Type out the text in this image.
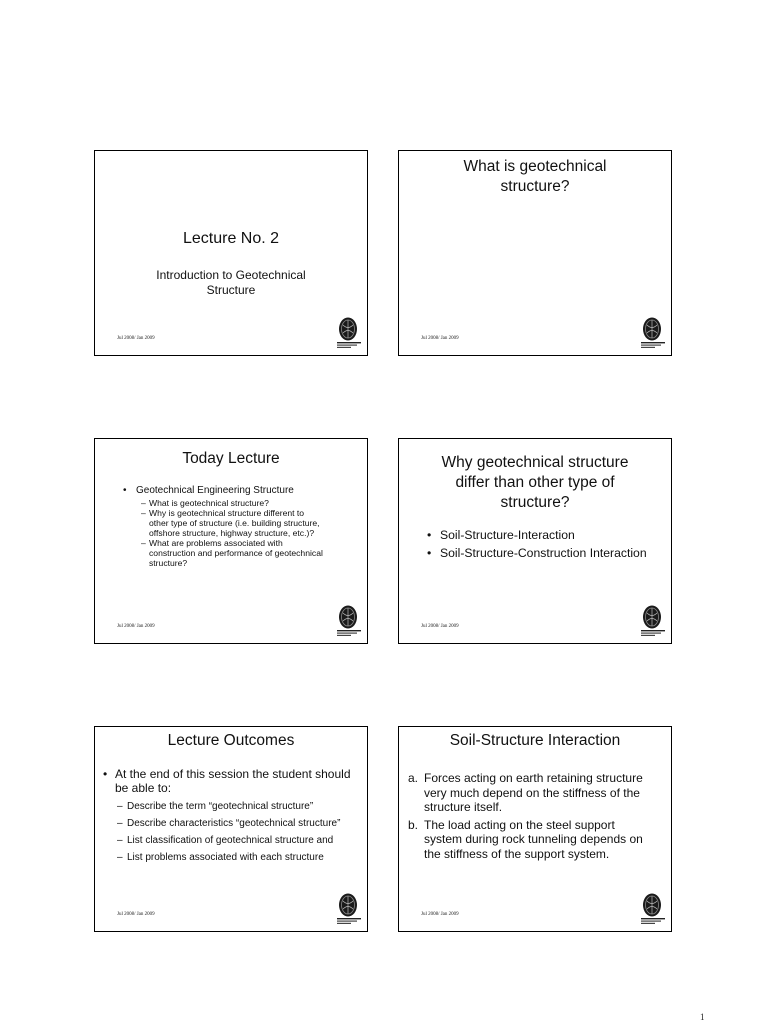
Lecture No. 2
Introduction to Geotechnical
Structure
Jul 2008/ Jan 2009
What is geotechnical
structure?
Jul 2008/ Jan 2009
Today Lecture
• Geotechnical Engineering Structure
– What is geotechnical structure?
– Why is geotechnical structure different to
other type of structure (i.e. building structure,
offshore structure, highway structure, etc.)?
– What are problems associated with
construction and performance of geotechnical
structure?
Jul 2008/ Jan 2009
Why geotechnical structure
differ than other type of
structure?
• Soil-Structure-Interaction
• Soil-Structure-Construction Interaction
Jul 2008/ Jan 2009
Lecture Outcomes
• At the end of this session the student should
be able to:
– Describe the term “geotechnical structure”
– Describe characteristics “geotechnical structure”
– List classification of geotechnical structure and
– List problems associated with each structure
Jul 2008/ Jan 2009
Soil-Structure Interaction
a. Forces acting on earth retaining structure
very much depend on the stiffness of the
structure itself.
b. The load acting on the steel support
system during rock tunneling depends on
the stiffness of the support system.
Jul 2008/ Jan 2009
1
